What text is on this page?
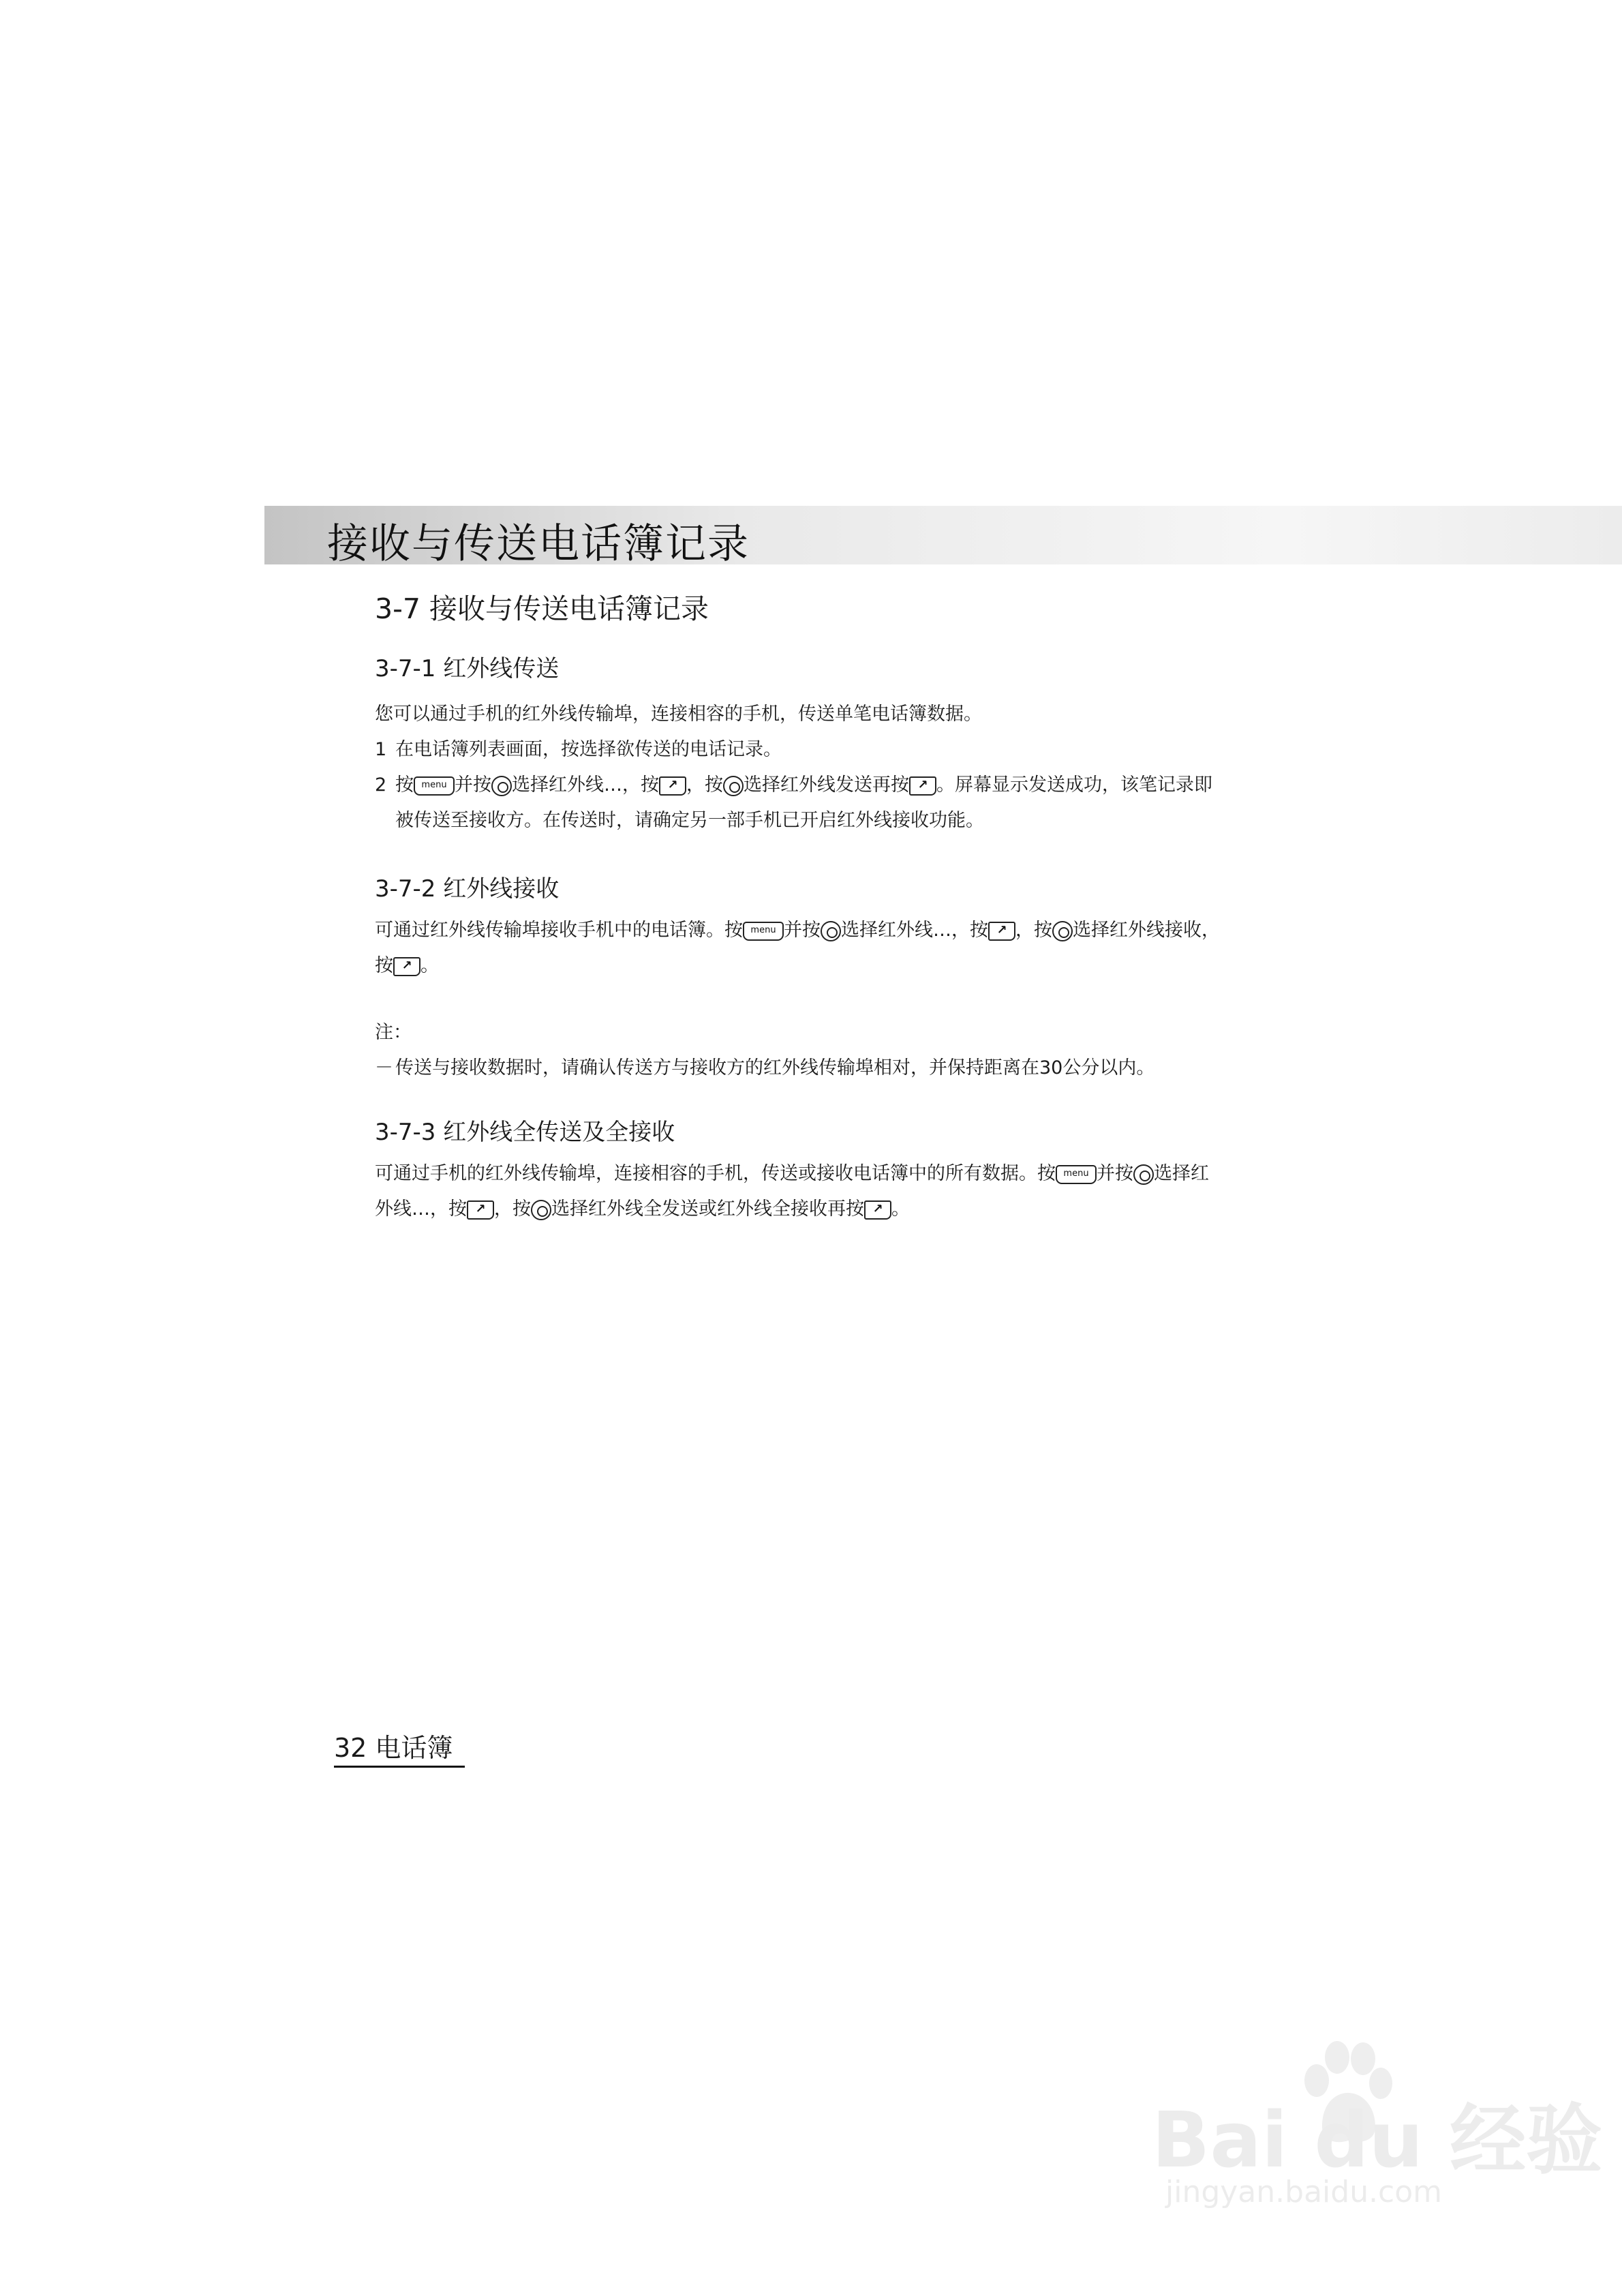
接收与传送电话簿记录
3-7 接收与传送电话簿记录
3-7-1 红外线传送

您可以通过手机的红外线传输埠，连接相容的手机，传送单笔电话簿数据。

1 在电话簿列表画面，按选择欲传送的电话记录。
2 按 menu 并按 选择红外线…，按 ↗ ，按 选择红外线发送再按 ↗ 。屏幕显示发送成功，该笔记录即被传送至接收方。在传送时，请确定另一部手机已开启红外线接收功能。
3-7-2 红外线接收

可通过红外线传输埠接收手机中的电话簿。按 menu 并按 选择红外线…，按 ↗ ，按 选择红外线接收，按 ↗ 。

注：

－ 传送与接收数据时，请确认传送方与接收方的红外线传输埠相对，并保持距离在30公分以内。

3-7-3 红外线全传送及全接收

可通过手机的红外线传输埠，连接相容的手机，传送或接收电话簿中的所有数据。按 menu 并按 选择红外线…，按 ↗ ，按 选择红外线全发送或红外线全接收再按 ↗ 。

32 电话簿
Bai du 经验
jingyan.baidu.com
